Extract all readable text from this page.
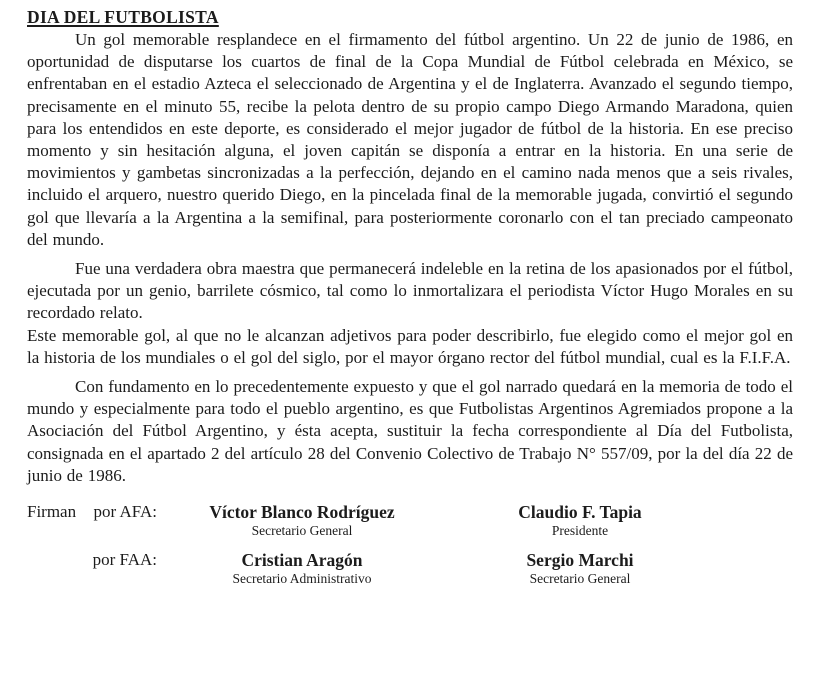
DIA DEL FUTBOLISTA

Un gol memorable resplandece en el firmamento del fútbol argentino. Un 22 de junio de 1986, en oportunidad de disputarse los cuartos de final de la Copa Mundial de Fútbol celebrada en México, se enfrentaban en el estadio Azteca el seleccionado de Argentina y el de Inglaterra. Avanzado el segundo tiempo, precisamente en el minuto 55, recibe la pelota dentro de su propio campo Diego Armando Maradona, quien para los entendidos en este deporte, es considerado el mejor jugador de fútbol de la historia. En ese preciso momento y sin hesitación alguna, el joven capitán se disponía a entrar en la historia. En una serie de movimientos y gambetas sincronizadas a la perfección, dejando en el camino nada menos que a seis rivales, incluido el arquero, nuestro querido Diego, en la pincelada final de la memorable jugada, convirtió el segundo gol que llevaría a la Argentina a la semifinal, para posteriormente coronarlo con el tan preciado campeonato del mundo.

Fue una verdadera obra maestra que permanecerá indeleble en la retina de los apasionados por el fútbol, ejecutada por un genio, barrilete cósmico, tal como lo inmortalizara el periodista Víctor Hugo Morales en su recordado relato.

Este memorable gol, al que no le alcanzan adjetivos para poder describirlo, fue elegido como el mejor gol en la historia de los mundiales o el gol del siglo, por el mayor órgano rector del fútbol mundial, cual es la F.I.F.A.

Con fundamento en lo precedentemente expuesto y que el gol narrado quedará en la memoria de todo el mundo y especialmente para todo el pueblo argentino, es que Futbolistas Argentinos Agremiados propone a la Asociación del Fútbol Argentino, y ésta acepta, sustituir la fecha correspondiente al Día del Futbolista, consignada en el apartado 2 del artículo 28 del Convenio Colectivo de Trabajo N° 557/09, por la del día 22 de junio de 1986.

Firman por AFA:	Víctor Blanco Rodríguez
Secretario General
Claudio F. Tapia
Presidente
por FAA:	Cristian Aragón
Secretario Administrativo
Sergio Marchi
Secretario General
